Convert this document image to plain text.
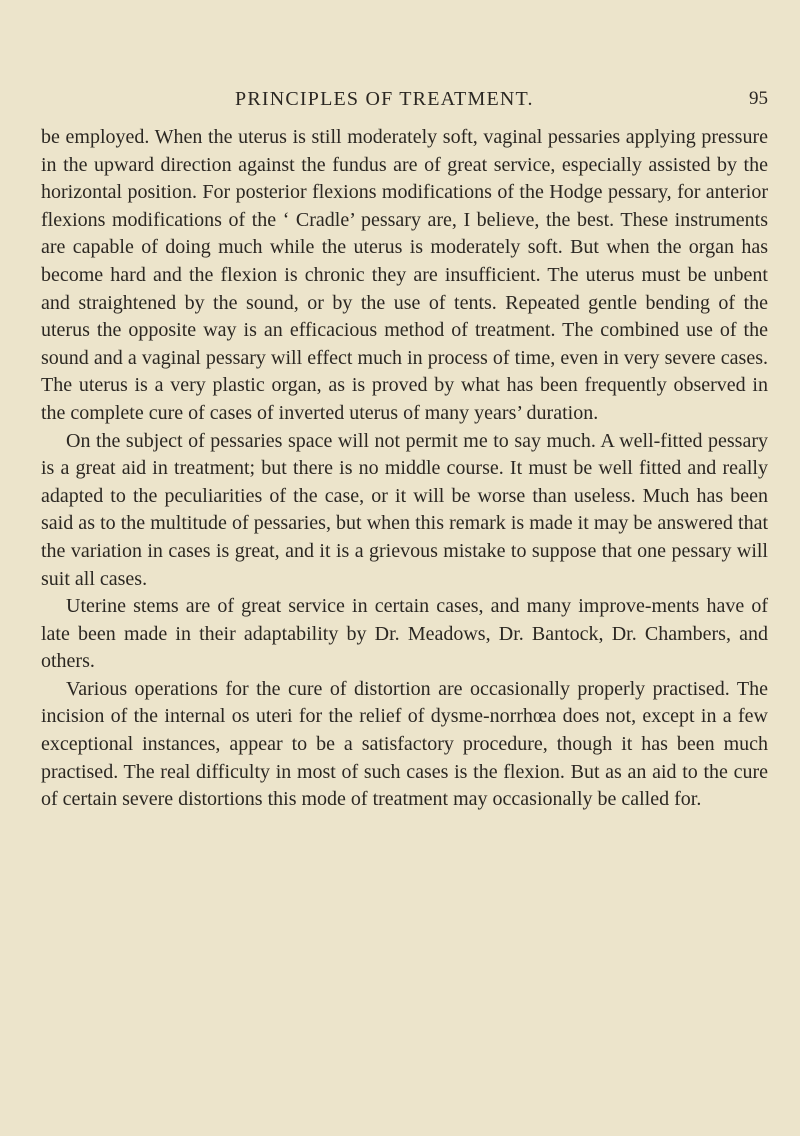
PRINCIPLES OF TREATMENT.	95

be employed. When the uterus is still moderately soft, vaginal pessaries applying pressure in the upward direction against the fundus are of great service, especially assisted by the horizontal position. For posterior flexions modifications of the Hodge pessary, for anterior flexions modifications of the ‘ Cradle’ pessary are, I believe, the best. These instruments are capable of doing much while the uterus is moderately soft. But when the organ has become hard and the flexion is chronic they are insufficient. The uterus must be unbent and straightened by the sound, or by the use of tents. Repeated gentle bending of the uterus the opposite way is an efficacious method of treatment. The combined use of the sound and a vaginal pessary will effect much in process of time, even in very severe cases. The uterus is a very plastic organ, as is proved by what has been frequently observed in the complete cure of cases of inverted uterus of many years’ duration.

On the subject of pessaries space will not permit me to say much. A well-fitted pessary is a great aid in treatment; but there is no middle course. It must be well fitted and really adapted to the peculiarities of the case, or it will be worse than useless. Much has been said as to the multitude of pessaries, but when this remark is made it may be answered that the variation in cases is great, and it is a grievous mistake to suppose that one pessary will suit all cases.

Uterine stems are of great service in certain cases, and many improve-ments have of late been made in their adaptability by Dr. Meadows, Dr. Bantock, Dr. Chambers, and others.

Various operations for the cure of distortion are occasionally properly practised. The incision of the internal os uteri for the relief of dysme-norrhœa does not, except in a few exceptional instances, appear to be a satisfactory procedure, though it has been much practised. The real difficulty in most of such cases is the flexion. But as an aid to the cure of certain severe distortions this mode of treatment may occasionally be called for.
